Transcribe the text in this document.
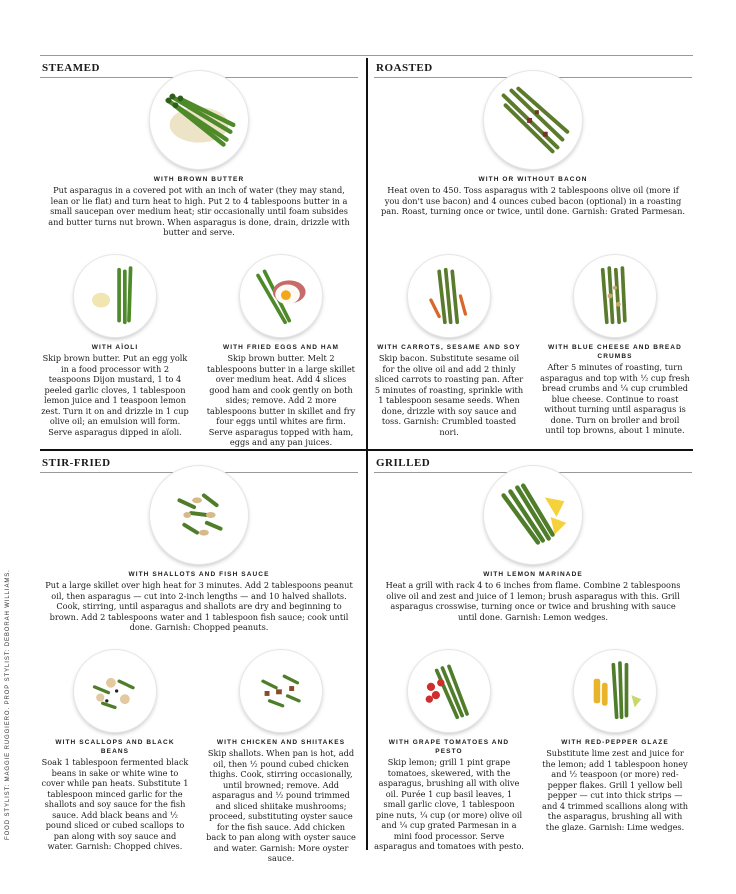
FOOD STYLIST: MAGGIE RUGGIERO. PROP STYLIST: DEBORAH WILLIAMS.
STEAMED
WITH BROWN BUTTER
Put asparagus in a covered pot with an inch of water (they may stand, lean or lie flat) and turn heat to high. Put 2 to 4 tablespoons butter in a small saucepan over medium heat; stir occasionally until foam subsides and butter turns nut brown. When asparagus is done, drain, drizzle with butter and serve.
WITH AÏOLI
Skip brown butter. Put an egg yolk in a food processor with 2 teaspoons Dijon mustard, 1 to 4 peeled garlic cloves, 1 tablespoon lemon juice and 1 teaspoon lemon zest. Turn it on and drizzle in 1 cup olive oil; an emulsion will form. Serve asparagus dipped in aïoli.
WITH FRIED EGGS AND HAM
Skip brown butter. Melt 2 tablespoons butter in a large skillet over medium heat. Add 4 slices good ham and cook gently on both sides; remove. Add 2 more tablespoons butter in skillet and fry four eggs until whites are firm. Serve asparagus topped with ham, eggs and any pan juices.
ROASTED
WITH OR WITHOUT BACON
Heat oven to 450. Toss asparagus with 2 tablespoons olive oil (more if you don't use bacon) and 4 ounces cubed bacon (optional) in a roasting pan. Roast, turning once or twice, until done. Garnish: Grated Parmesan.
WITH CARROTS, SESAME AND SOY
Skip bacon. Substitute sesame oil for the olive oil and add 2 thinly sliced carrots to roasting pan. After 5 minutes of roasting, sprinkle with 1 tablespoon sesame seeds. When done, drizzle with soy sauce and toss. Garnish: Crumbled toasted nori.
WITH BLUE CHEESE AND BREAD CRUMBS
After 5 minutes of roasting, turn asparagus and top with ½ cup fresh bread crumbs and ¼ cup crumbled blue cheese. Continue to roast without turning until asparagus is done. Turn on broiler and broil until top browns, about 1 minute.
STIR-FRIED
WITH SHALLOTS AND FISH SAUCE
Put a large skillet over high heat for 3 minutes. Add 2 tablespoons peanut oil, then asparagus — cut into 2-inch lengths — and 10 halved shallots. Cook, stirring, until asparagus and shallots are dry and beginning to brown. Add 2 tablespoons water and 1 tablespoon fish sauce; cook until done. Garnish: Chopped peanuts.
WITH SCALLOPS AND BLACK BEANS
Soak 1 tablespoon fermented black beans in sake or white wine to cover while pan heats. Substitute 1 tablespoon minced garlic for the shallots and soy sauce for the fish sauce. Add black beans and ½ pound sliced or cubed scallops to pan along with soy sauce and water. Garnish: Chopped chives.
WITH CHICKEN AND SHIITAKES
Skip shallots. When pan is hot, add oil, then ½ pound cubed chicken thighs. Cook, stirring occasionally, until browned; remove. Add asparagus and ½ pound trimmed and sliced shiitake mushrooms; proceed, substituting oyster sauce for the fish sauce. Add chicken back to pan along with oyster sauce and water. Garnish: More oyster sauce.
GRILLED
WITH LEMON MARINADE
Heat a grill with rack 4 to 6 inches from flame. Combine 2 tablespoons olive oil and zest and juice of 1 lemon; brush asparagus with this. Grill asparagus crosswise, turning once or twice and brushing with sauce until done. Garnish: Lemon wedges.
WITH GRAPE TOMATOES AND PESTO
Skip lemon; grill 1 pint grape tomatoes, skewered, with the asparagus, brushing all with olive oil. Purée 1 cup basil leaves, 1 small garlic clove, 1 tablespoon pine nuts, ¼ cup (or more) olive oil and ¼ cup grated Parmesan in a mini food processor. Serve asparagus and tomatoes with pesto.
WITH RED-PEPPER GLAZE
Substitute lime zest and juice for the lemon; add 1 tablespoon honey and ½ teaspoon (or more) red-pepper flakes. Grill 1 yellow bell pepper — cut into thick strips — and 4 trimmed scallions along with the asparagus, brushing all with the glaze. Garnish: Lime wedges.
